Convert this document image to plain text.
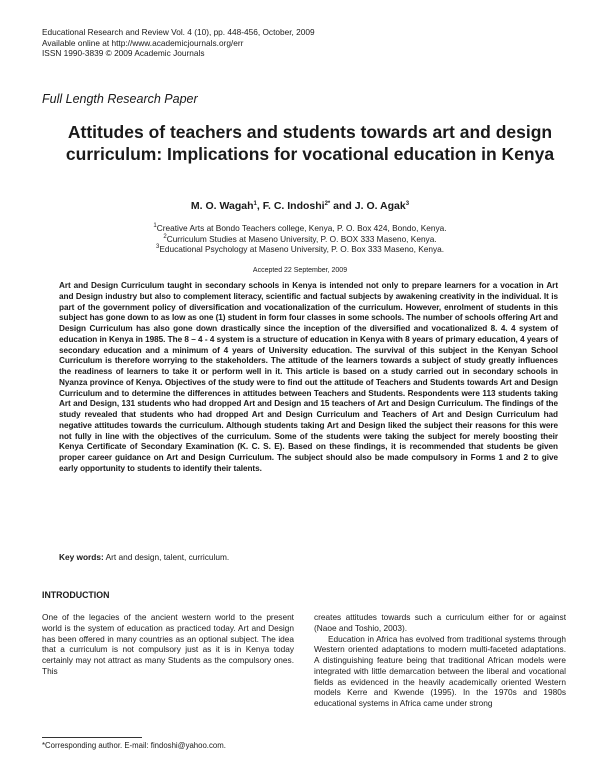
Educational Research and Review Vol. 4 (10), pp. 448-456, October, 2009
Available online at http://www.academicjournals.org/err
ISSN 1990-3839 © 2009 Academic Journals
Full Length Research Paper
Attitudes of teachers and students towards art and design curriculum: Implications for vocational education in Kenya
M. O. Wagah$^1$, F. C. Indoshi$^{2*}$ and J. O. Agak$^3$
$^1$Creative Arts at Bondo Teachers college, Kenya, P. O. Box 424, Bondo, Kenya.
$^2$Curriculum Studies at Maseno University, P. O. BOX 333 Maseno, Kenya.
$^3$Educational Psychology at Maseno University, P. O. Box 333 Maseno, Kenya.
Accepted 22 September, 2009
Art and Design Curriculum taught in secondary schools in Kenya is intended not only to prepare learners for a vocation in Art and Design industry but also to complement literacy, scientific and factual subjects by awakening creativity in the individual. It is part of the government policy of diversification and vocationalization of the curriculum. However, enrolment of students in this subject has gone down to as low as one (1) student in form four classes in some schools. The number of schools offering Art and Design Curriculum has also gone down drastically since the inception of the diversified and vocationalized 8. 4. 4 system of education in Kenya in 1985. The 8 – 4 - 4 system is a structure of education in Kenya with 8 years of primary education, 4 years of secondary education and a minimum of 4 years of University education. The survival of this subject in the Kenyan School Curriculum is therefore worrying to the stakeholders. The attitude of the learners towards a subject of study greatly influences the readiness of learners to take it or perform well in it. This article is based on a study carried out in secondary schools in Nyanza province of Kenya. Objectives of the study were to find out the attitude of Teachers and Students towards Art and Design Curriculum and to determine the differences in attitudes between Teachers and Students. Respondents were 113 students taking Art and Design, 131 students who had dropped Art and Design and 15 teachers of Art and Design Curriculum. The findings of the study revealed that students who had dropped Art and Design Curriculum and Teachers of Art and Design Curriculum had negative attitudes towards the curriculum. Although students taking Art and Design liked the subject their reasons for this were not fully in line with the objectives of the curriculum. Some of the students were taking the subject for merely boosting their Kenya Certificate of Secondary Examination (K. C. S. E). Based on these findings, it is recommended that students be given proper career guidance on Art and Design Curriculum. The subject should also be made compulsory in Forms 1 and 2 to give early opportunity to students to identify their talents.
Key words: Art and design, talent, curriculum.
INTRODUCTION

One of the legacies of the ancient western world to the present world is the system of education as practiced today. Art and Design has been offered in many countries as an optional subject. The idea that a curriculum is not compulsory just as it is in Kenya today certainly may not attract as many Students as the compulsory ones. This

creates attitudes towards such a curriculum either for or against (Naoe and Toshio, 2003).

Education in Africa has evolved from traditional systems through Western oriented adaptations to modern multi-faceted adaptations. A distinguishing feature being that traditional African models were integrated with little demarcation between the liberal and vocational fields as evidenced in the heavily academically oriented Western models Kerre and Kwende (1995). In the 1970s and 1980s educational systems in Africa came under strong

*Corresponding author. E-mail: findoshi@yahoo.com.
